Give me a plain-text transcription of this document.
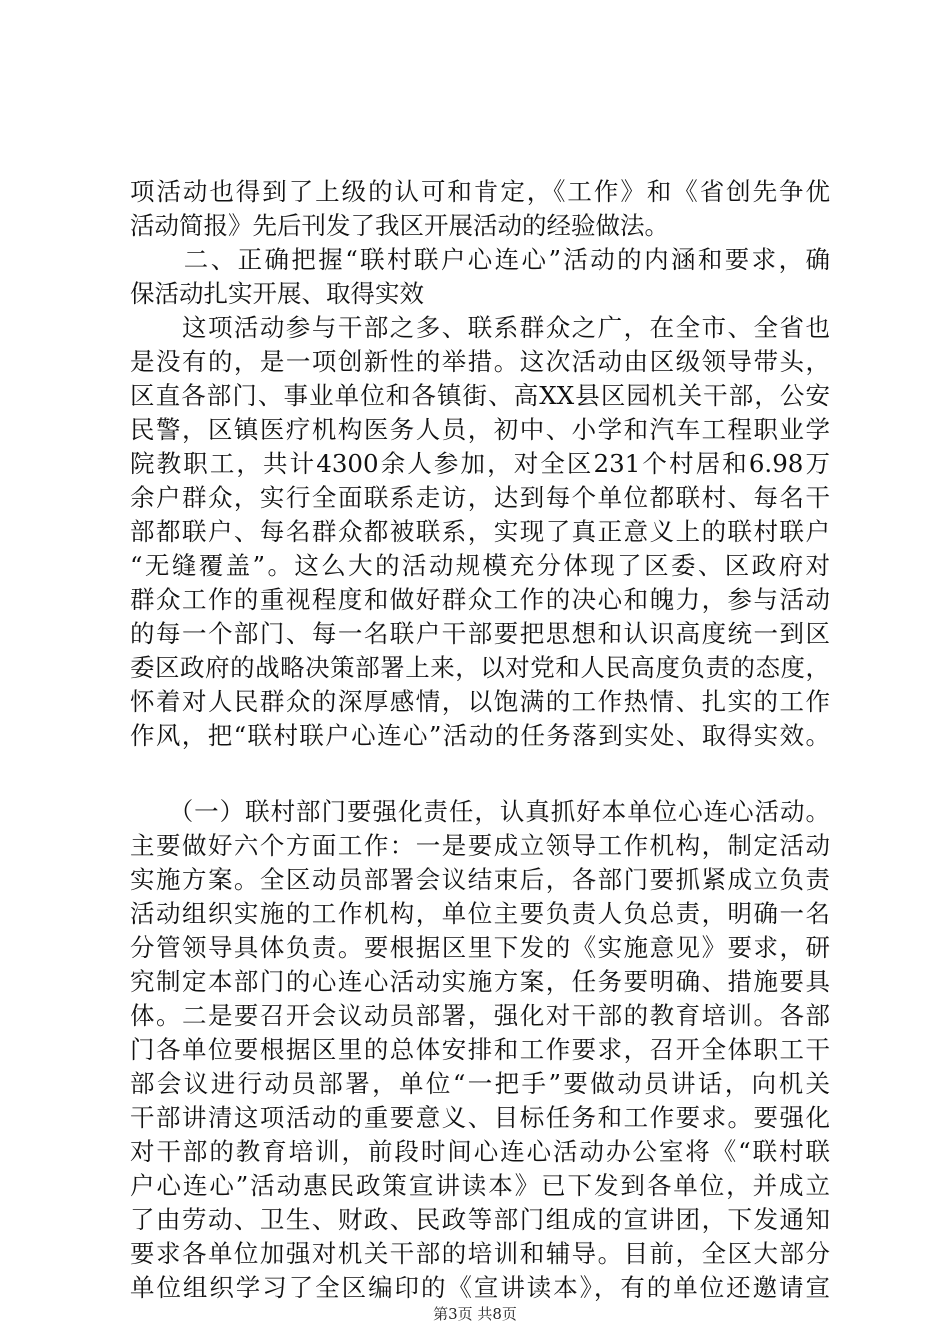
项活动也得到了上级的认可和肯定，《工作》和《省创先争优
活动简报》先后刊发了我区开展活动的经验做法。
　　二、正确把握“联村联户心连心”活动的内涵和要求，确
保活动扎实开展、取得实效
　　这项活动参与干部之多、联系群众之广，在全市、全省也
是没有的，是一项创新性的举措。这次活动由区级领导带头，
区直各部门、事业单位和各镇街、高XX县区园机关干部，公安
民警，区镇医疗机构医务人员，初中、小学和汽车工程职业学
院教职工，共计4300余人参加，对全区231个村居和6.98万
余户群众，实行全面联系走访，达到每个单位都联村、每名干
部都联户、每名群众都被联系，实现了真正意义上的联村联户
“无缝覆盖”。这么大的活动规模充分体现了区委、区政府对
群众工作的重视程度和做好群众工作的决心和魄力，参与活动
的每一个部门、每一名联户干部要把思想和认识高度统一到区
委区政府的战略决策部署上来，以对党和人民高度负责的态度，
怀着对人民群众的深厚感情，以饱满的工作热情、扎实的工作
作风，把“联村联户心连心”活动的任务落到实处、取得实效。
　　（一）联村部门要强化责任，认真抓好本单位心连心活动。
主要做好六个方面工作：一是要成立领导工作机构，制定活动
实施方案。全区动员部署会议结束后，各部门要抓紧成立负责
活动组织实施的工作机构，单位主要负责人负总责，明确一名
分管领导具体负责。要根据区里下发的《实施意见》要求，研
究制定本部门的心连心活动实施方案，任务要明确、措施要具
体。二是要召开会议动员部署，强化对干部的教育培训。各部
门各单位要根据区里的总体安排和工作要求，召开全体职工干
部会议进行动员部署，单位“一把手”要做动员讲话，向机关
干部讲清这项活动的重要意义、目标任务和工作要求。要强化
对干部的教育培训，前段时间心连心活动办公室将《“联村联
户心连心”活动惠民政策宣讲读本》已下发到各单位，并成立
了由劳动、卫生、财政、民政等部门组成的宣讲团，下发通知
要求各单位加强对机关干部的培训和辅导。目前，全区大部分
单位组织学习了全区编印的《宣讲读本》，有的单位还邀请宣
第3页 共8页
